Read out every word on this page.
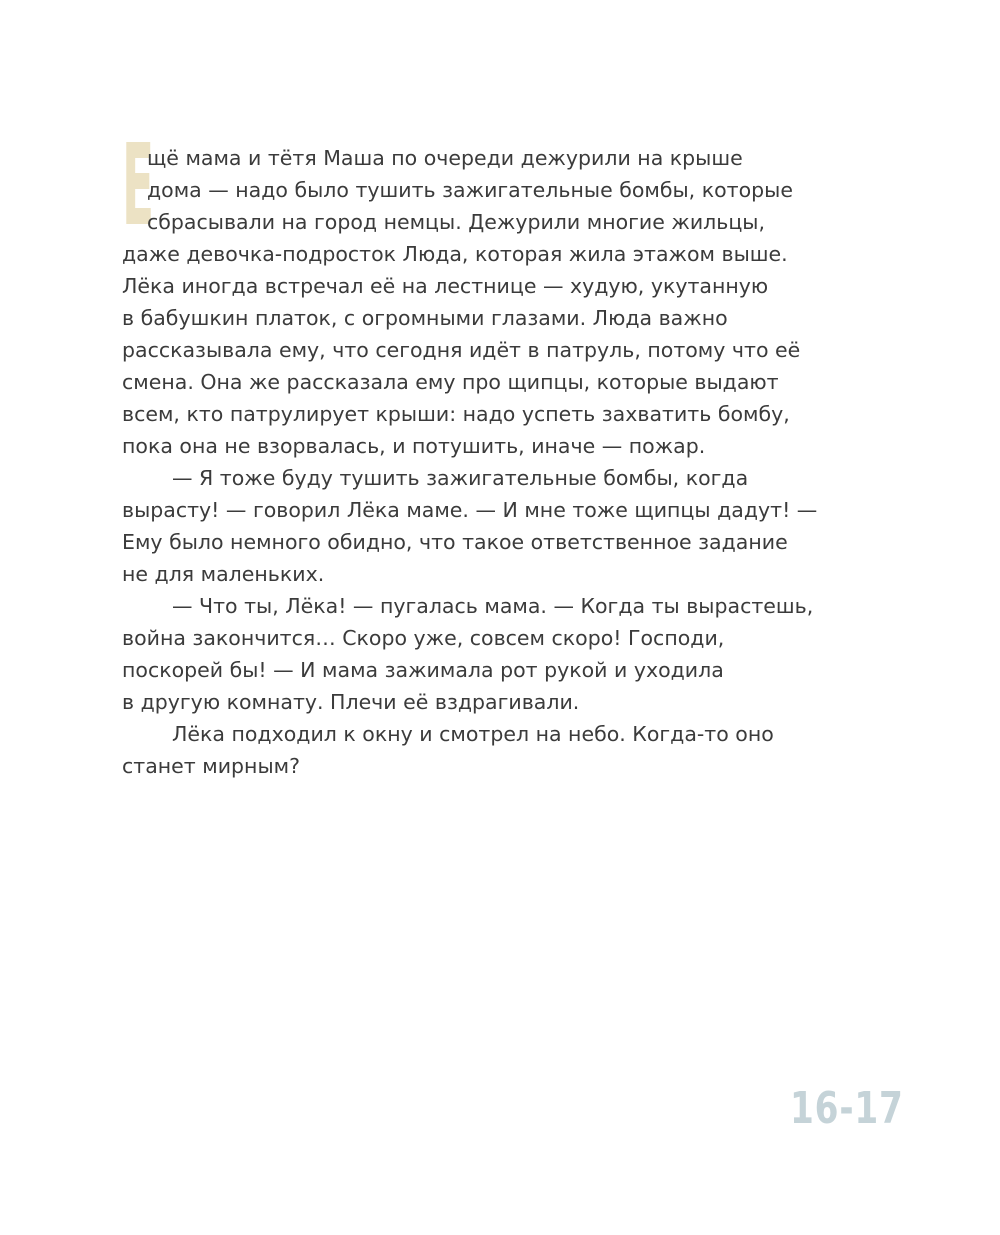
Е
щё мама и тётя Маша по очереди дежурили на крыше
дома — надо было тушить зажигательные бомбы, которые
сбрасывали на город немцы. Дежурили многие жильцы,
даже девочка-подросток Люда, которая жила этажом выше.
Лёка иногда встречал её на лестнице — худую, укутанную
в бабушкин платок, с огромными глазами. Люда важно
рассказывала ему, что сегодня идёт в патруль, потому что её
смена. Она же рассказала ему про щипцы, которые выдают
всем, кто патрулирует крыши: надо успеть захватить бомбу,
пока она не взорвалась, и потушить, иначе — пожар.
— Я тоже буду тушить зажигательные бомбы, когда
вырасту! — говорил Лёка маме. — И мне тоже щипцы дадут! —
Ему было немного обидно, что такое ответственное задание
не для маленьких.
— Что ты, Лёка! — пугалась мама. — Когда ты вырастешь,
война закончится… Скоро уже, совсем скоро! Господи,
поскорей бы! — И мама зажимала рот рукой и уходила
в другую комнату. Плечи её вздрагивали.
Лёка подходил к окну и смотрел на небо. Когда-то оно
станет мирным?
16-17
